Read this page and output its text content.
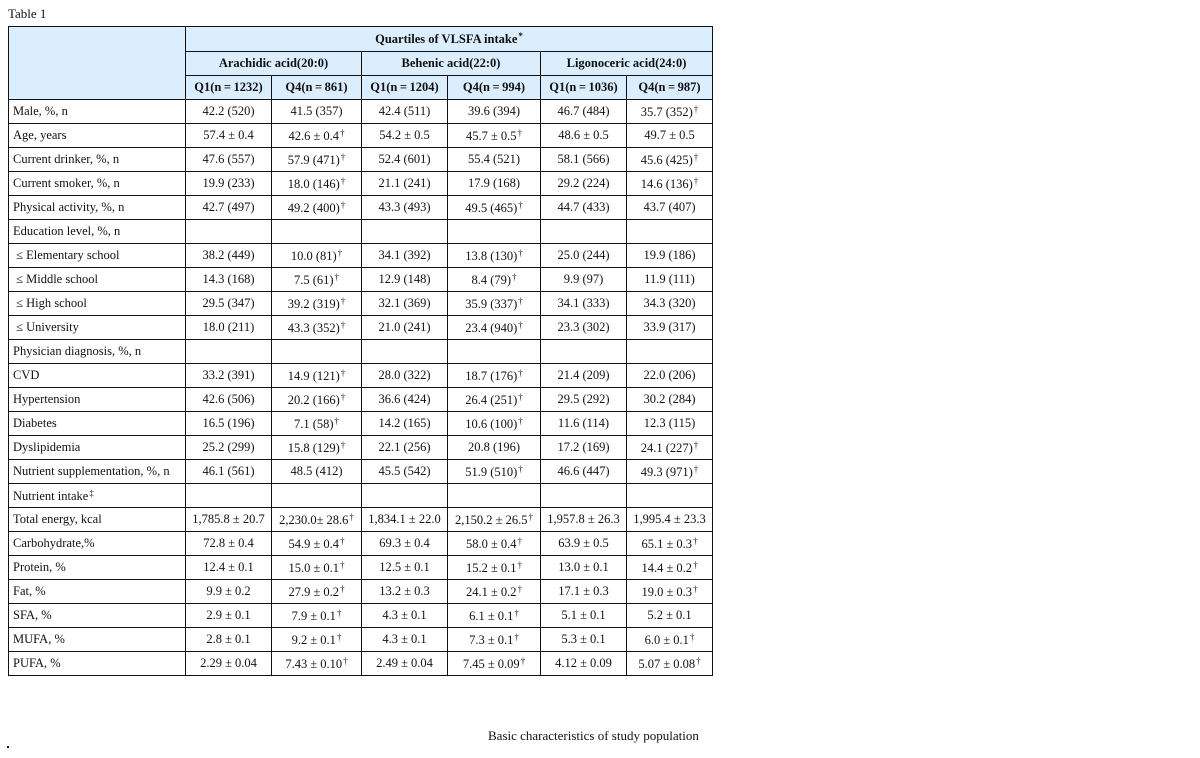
Table 1
	Quartiles of VLSFA intake*
	Arachidic acid(20:0)		Behenic acid(22:0)		Ligonoceric acid(24:0)	
	Q1(n = 1232)	Q4(n = 861)	Q1(n = 1204)	Q4(n = 994)	Q1(n = 1036)	Q4(n = 987)
Male, %, n	42.2 (520)	41.5 (357)	42.4 (511)	39.6 (394)	46.7 (484)	35.7 (352)†
Age, years	57.4 ± 0.4	42.6 ± 0.4†	54.2 ± 0.5	45.7 ± 0.5†	48.6 ± 0.5	49.7 ± 0.5
Current drinker, %, n	47.6 (557)	57.9 (471)†	52.4 (601)	55.4 (521)	58.1 (566)	45.6 (425)†
Current smoker, %, n	19.9 (233)	18.0 (146)†	21.1 (241)	17.9 (168)	29.2 (224)	14.6 (136)†
Physical activity, %, n	42.7 (497)	49.2 (400)†	43.3 (493)	49.5 (465)†	44.7 (433)	43.7 (407)
Education level, %, n						
≤ Elementary school	38.2 (449)	10.0 (81)†	34.1 (392)	13.8 (130)†	25.0 (244)	19.9 (186)
≤ Middle school	14.3 (168)	7.5 (61)†	12.9 (148)	8.4 (79)†	9.9 (97)	11.9 (111)
≤ High school	29.5 (347)	39.2 (319)†	32.1 (369)	35.9 (337)†	34.1 (333)	34.3 (320)
≤ University	18.0 (211)	43.3 (352)†	21.0 (241)	23.4 (940)†	23.3 (302)	33.9 (317)
Physician diagnosis, %, n						
CVD	33.2 (391)	14.9 (121)†	28.0 (322)	18.7 (176)†	21.4 (209)	22.0 (206)
Hypertension	42.6 (506)	20.2 (166)†	36.6 (424)	26.4 (251)†	29.5 (292)	30.2 (284)
Diabetes	16.5 (196)	7.1 (58)†	14.2 (165)	10.6 (100)†	11.6 (114)	12.3 (115)
Dyslipidemia	25.2 (299)	15.8 (129)†	22.1 (256)	20.8 (196)	17.2 (169)	24.1 (227)†
Nutrient supplementation, %, n	46.1 (561)	48.5 (412)	45.5 (542)	51.9 (510)†	46.6 (447)	49.3 (971)†
Nutrient intake‡						
Total energy, kcal	1,785.8 ± 20.7	2,230.0± 28.6†	1,834.1 ± 22.0	2,150.2 ± 26.5†	1,957.8 ± 26.3	1,995.4 ± 23.3
Carbohydrate,%	72.8 ± 0.4	54.9 ± 0.4†	69.3 ± 0.4	58.0 ± 0.4†	63.9 ± 0.5	65.1 ± 0.3†
Protein, %	12.4 ± 0.1	15.0 ± 0.1†	12.5 ± 0.1	15.2 ± 0.1†	13.0 ± 0.1	14.4 ± 0.2†
Fat, %	9.9 ± 0.2	27.9 ± 0.2†	13.2 ± 0.3	24.1 ± 0.2†	17.1 ± 0.3	19.0 ± 0.3†
SFA, %	2.9 ± 0.1	7.9 ± 0.1†	4.3 ± 0.1	6.1 ± 0.1†	5.1 ± 0.1	5.2 ± 0.1
MUFA, %	2.8 ± 0.1	9.2 ± 0.1†	4.3 ± 0.1	7.3 ± 0.1†	5.3 ± 0.1	6.0 ± 0.1†
PUFA, %	2.29 ± 0.04	7.43 ± 0.10†	2.49 ± 0.04	7.45 ± 0.09†	4.12 ± 0.09	5.07 ± 0.08†
Basic characteristics of study population
